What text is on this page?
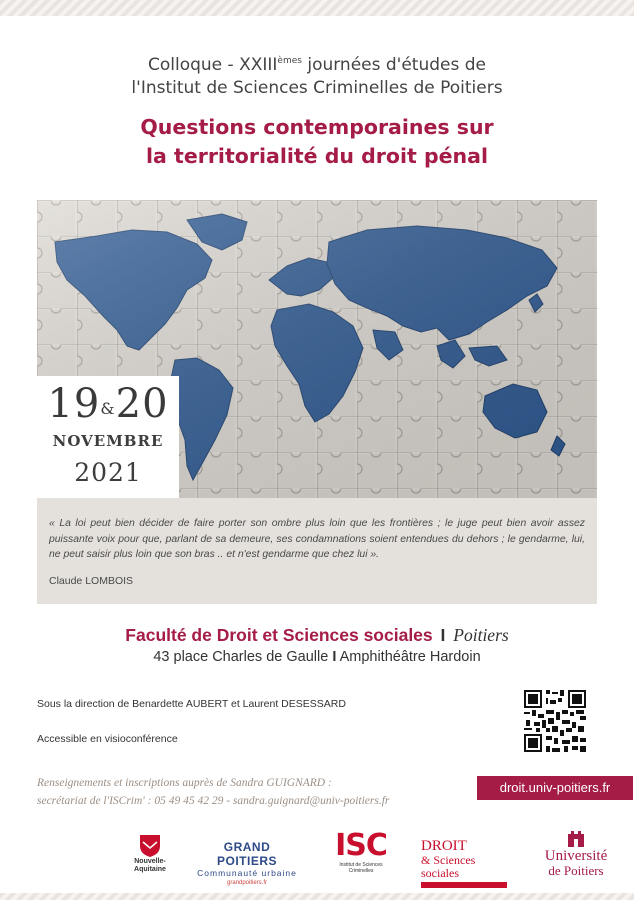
Colloque - XXIIIèmes journées d'études de
l'Institut de Sciences Criminelles de Poitiers
Questions contemporaines sur
la territorialité du droit pénal
19&20
NOVEMBRE
2021
« La loi peut bien décider de faire porter son ombre plus loin que les frontières ; le juge peut bien avoir assez puissante voix pour que, parlant de sa demeure, ses condamnations soient entendues du dehors ; le gendarme, lui, ne peut saisir plus loin que son bras .. et n'est gendarme que chez lui ».
Claude LOMBOIS
Faculté de Droit et Sciences sociales I Poitiers
43 place Charles de Gaulle I Amphithéâtre Hardoin
Sous la direction de Benardette AUBERT et Laurent DESESSARD
Accessible en visioconférence
Renseignements et inscriptions auprès de Sandra GUIGNARD :
secrétariat de l'ISCrim' : 05 49 45 42 29 - sandra.guignard@univ-poitiers.fr
droit.univ-poitiers.fr
Nouvelle-
Aquitaine
GRAND POITIERS
Communauté urbaine
grandpoitiers.fr
ISC
Institut de Sciences Criminelles
DROIT
& Sciences sociales
Université
de Poitiers
